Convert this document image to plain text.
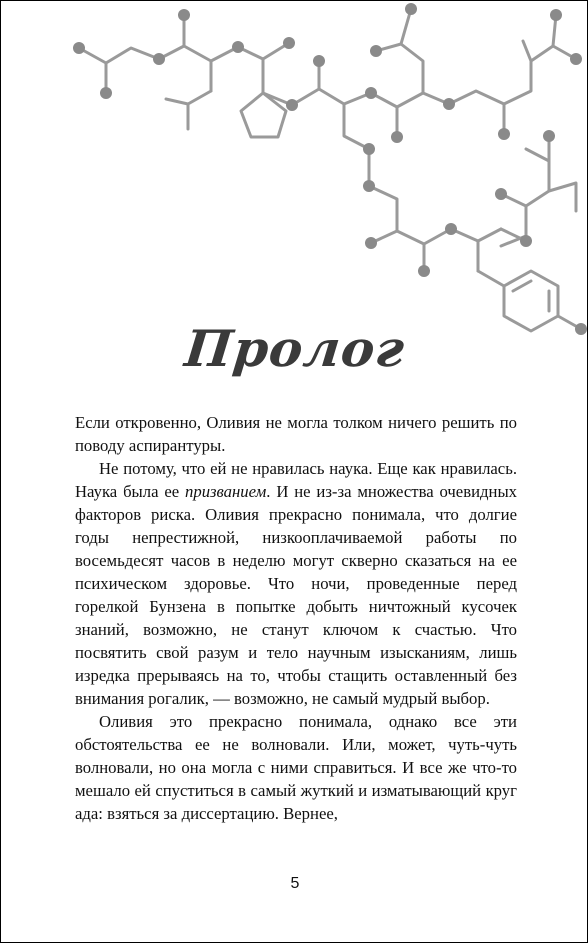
Пролог

Если откровенно, Оливия не могла толком ничего решить по поводу аспирантуры.

Не потому, что ей не нравилась наука. Еще как нравилась. Наука была ее призванием. И не из-за множества очевидных факторов риска. Оливия прекрасно понимала, что долгие годы непрестижной, низкооплачиваемой работы по восемьдесят часов в неделю могут скверно сказаться на ее психическом здоровье. Что ночи, проведенные перед горелкой Бунзена в попытке добыть ничтожный кусочек знаний, возможно, не станут ключом к счастью. Что посвятить свой разум и тело научным изысканиям, лишь изредка прерываясь на то, чтобы стащить оставленный без внимания рогалик, — возможно, не самый мудрый выбор.

Оливия это прекрасно понимала, однако все эти обстоятельства ее не волновали. Или, может, чуть-чуть волновали, но она могла с ними справиться. И все же что-то мешало ей спуститься в самый жуткий и изматывающий круг ада: взяться за диссертацию. Вернее,

5
